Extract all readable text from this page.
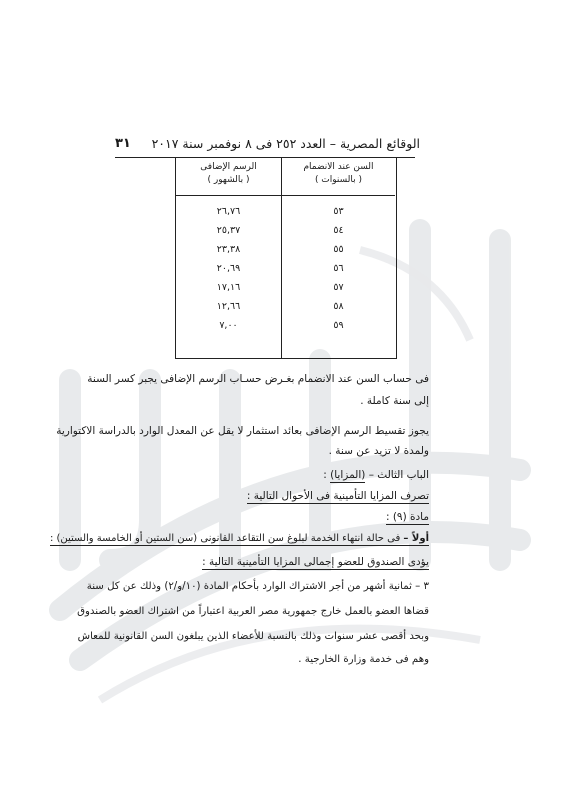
٣١	الوقائع المصرية – العدد ٢٥٢ فى ٨ نوفمبر سنة ٢٠١٧
السن عند الانضمام
( بالسنوات )
الرسم الإضافى
( بالشهور )
٥٣
٥٤
٥٥
٥٦
٥٧
٥٨
٥٩
٢٦,٧٦
٢٥,٣٧
٢٣,٣٨
٢٠,٦٩
١٧,١٦
١٢,٦٦
٧,٠٠
فى حساب السن عند الانضمام بغـرض حسـاب الرسم الإضافى يجبر كسر السنة
إلى سنة كاملة .
يجوز تقسيط الرسم الإضافى بعائد استثمار لا يقل عن المعدل الوارد بالدراسة الاكتوارية
ولمدة لا تزيد عن سنة .
الباب الثالث – (المزايا) :
تصرف المزايا التأمينية فى الأحوال التالية :
مادة (٩) :
أولاً – فى حالة انتهاء الخدمة لبلوغ سن التقاعد القانونى (سن الستين أو الخامسة والستين) :
يؤدى الصندوق للعضو إجمالى المزايا التأمينية التالية :
٣ – ثمانية أشهر من أجر الاشتراك الوارد بأحكام المادة (١٠/و/٢) وذلك عن كل سنة
قضاها العضو بالعمل خارج جمهورية مصر العربية اعتباراً من اشتراك العضو بالصندوق
وبحد أقصى عشر سنوات وذلك بالنسبة للأعضاء الذين يبلغون السن القانونية للمعاش
وهم فى خدمة وزارة الخارجية .
